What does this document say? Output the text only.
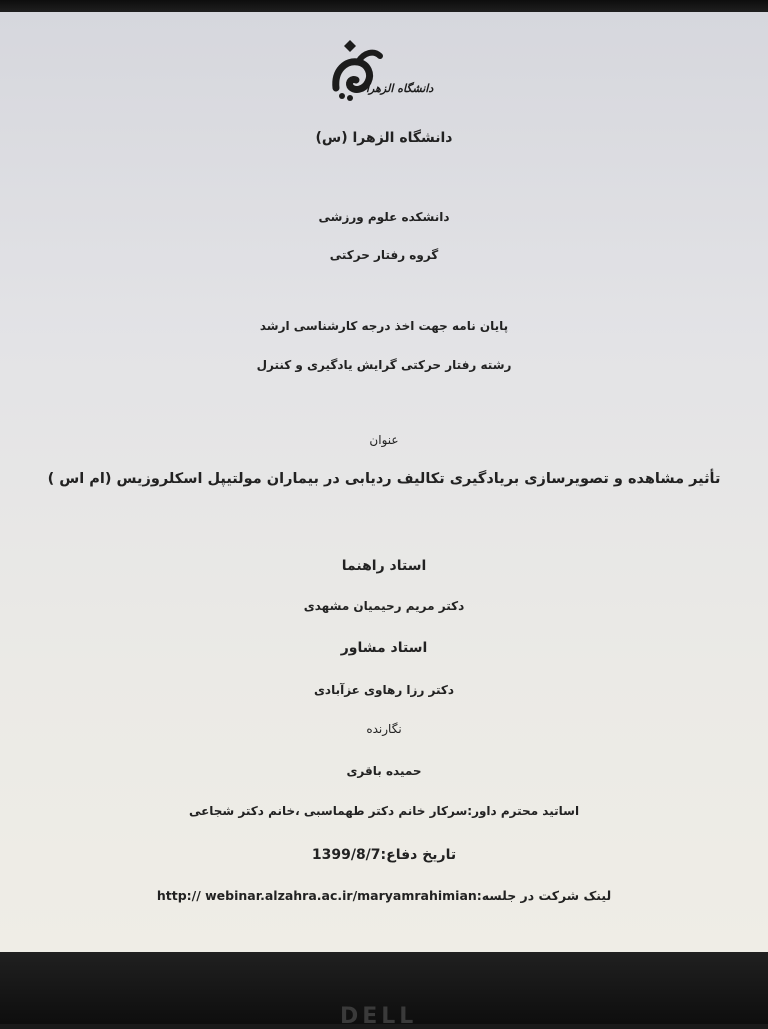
دانشگاه الزهرا
دانشگاه الزهرا (س)
دانشکده علوم ورزشی
گروه رفتار حرکتی
پایان نامه جهت اخذ درجه کارشناسی ارشد
رشته رفتار حرکتی گرایش یادگیری و کنترل
عنوان
تأثیر مشاهده و تصویرسازی بریادگیری تکالیف ردیابی در بیماران مولتیپل اسکلروزیس (ام اس )
استاد راهنما
دکتر مریم رحیمیان مشهدی
استاد مشاور
دکتر رزا رهاوی عزآبادی
نگارنده
حمیده باقری
اساتید محترم داور:سرکار خانم دکتر طهماسبی ،خانم دکتر شجاعی
تاریخ دفاع:1399/8/7
لینک شرکت در جلسه:http:// webinar.alzahra.ac.ir/maryamrahimian
DELL
